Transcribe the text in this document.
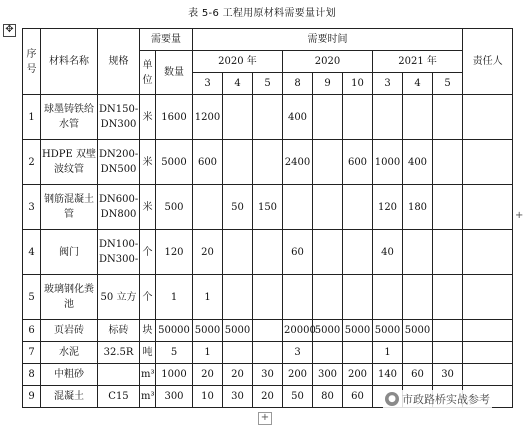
表 5-6 工程用原材料需要量计划
✥
+
+
序
号	材料名称	规格	需要量		需要时间									责任人
			单
位	数量	2020 年			2020			2021 年			
					3	4	5	8	9	10	3	4	5	
1	球墨铸铁给水管	DN150-DN300	米	1600	1200			400						
2	HDPE 双壁波纹管	DN200-DN500	米	5000	600			2400		600	1000	400		
3	钢筋混凝土管	DN600-DN800	米	500		50	150				120	180		
4	阀门	DN100-DN300-	个	120	20			60			40			
5	玻璃钢化粪池	50 立方	个	1	1									
6	页岩砖	标砖	块	50000	5000	5000		20000	5000	5000	5000	5000		
7	水泥	32.5R	吨	5	1			3			1			
8	中粗砂		m³	1000	20	20	30	200	300	200	140	60	30	
9	混凝土	C15	m³	300	10	30	20	50	80	60					● 市政路桥实战参考
